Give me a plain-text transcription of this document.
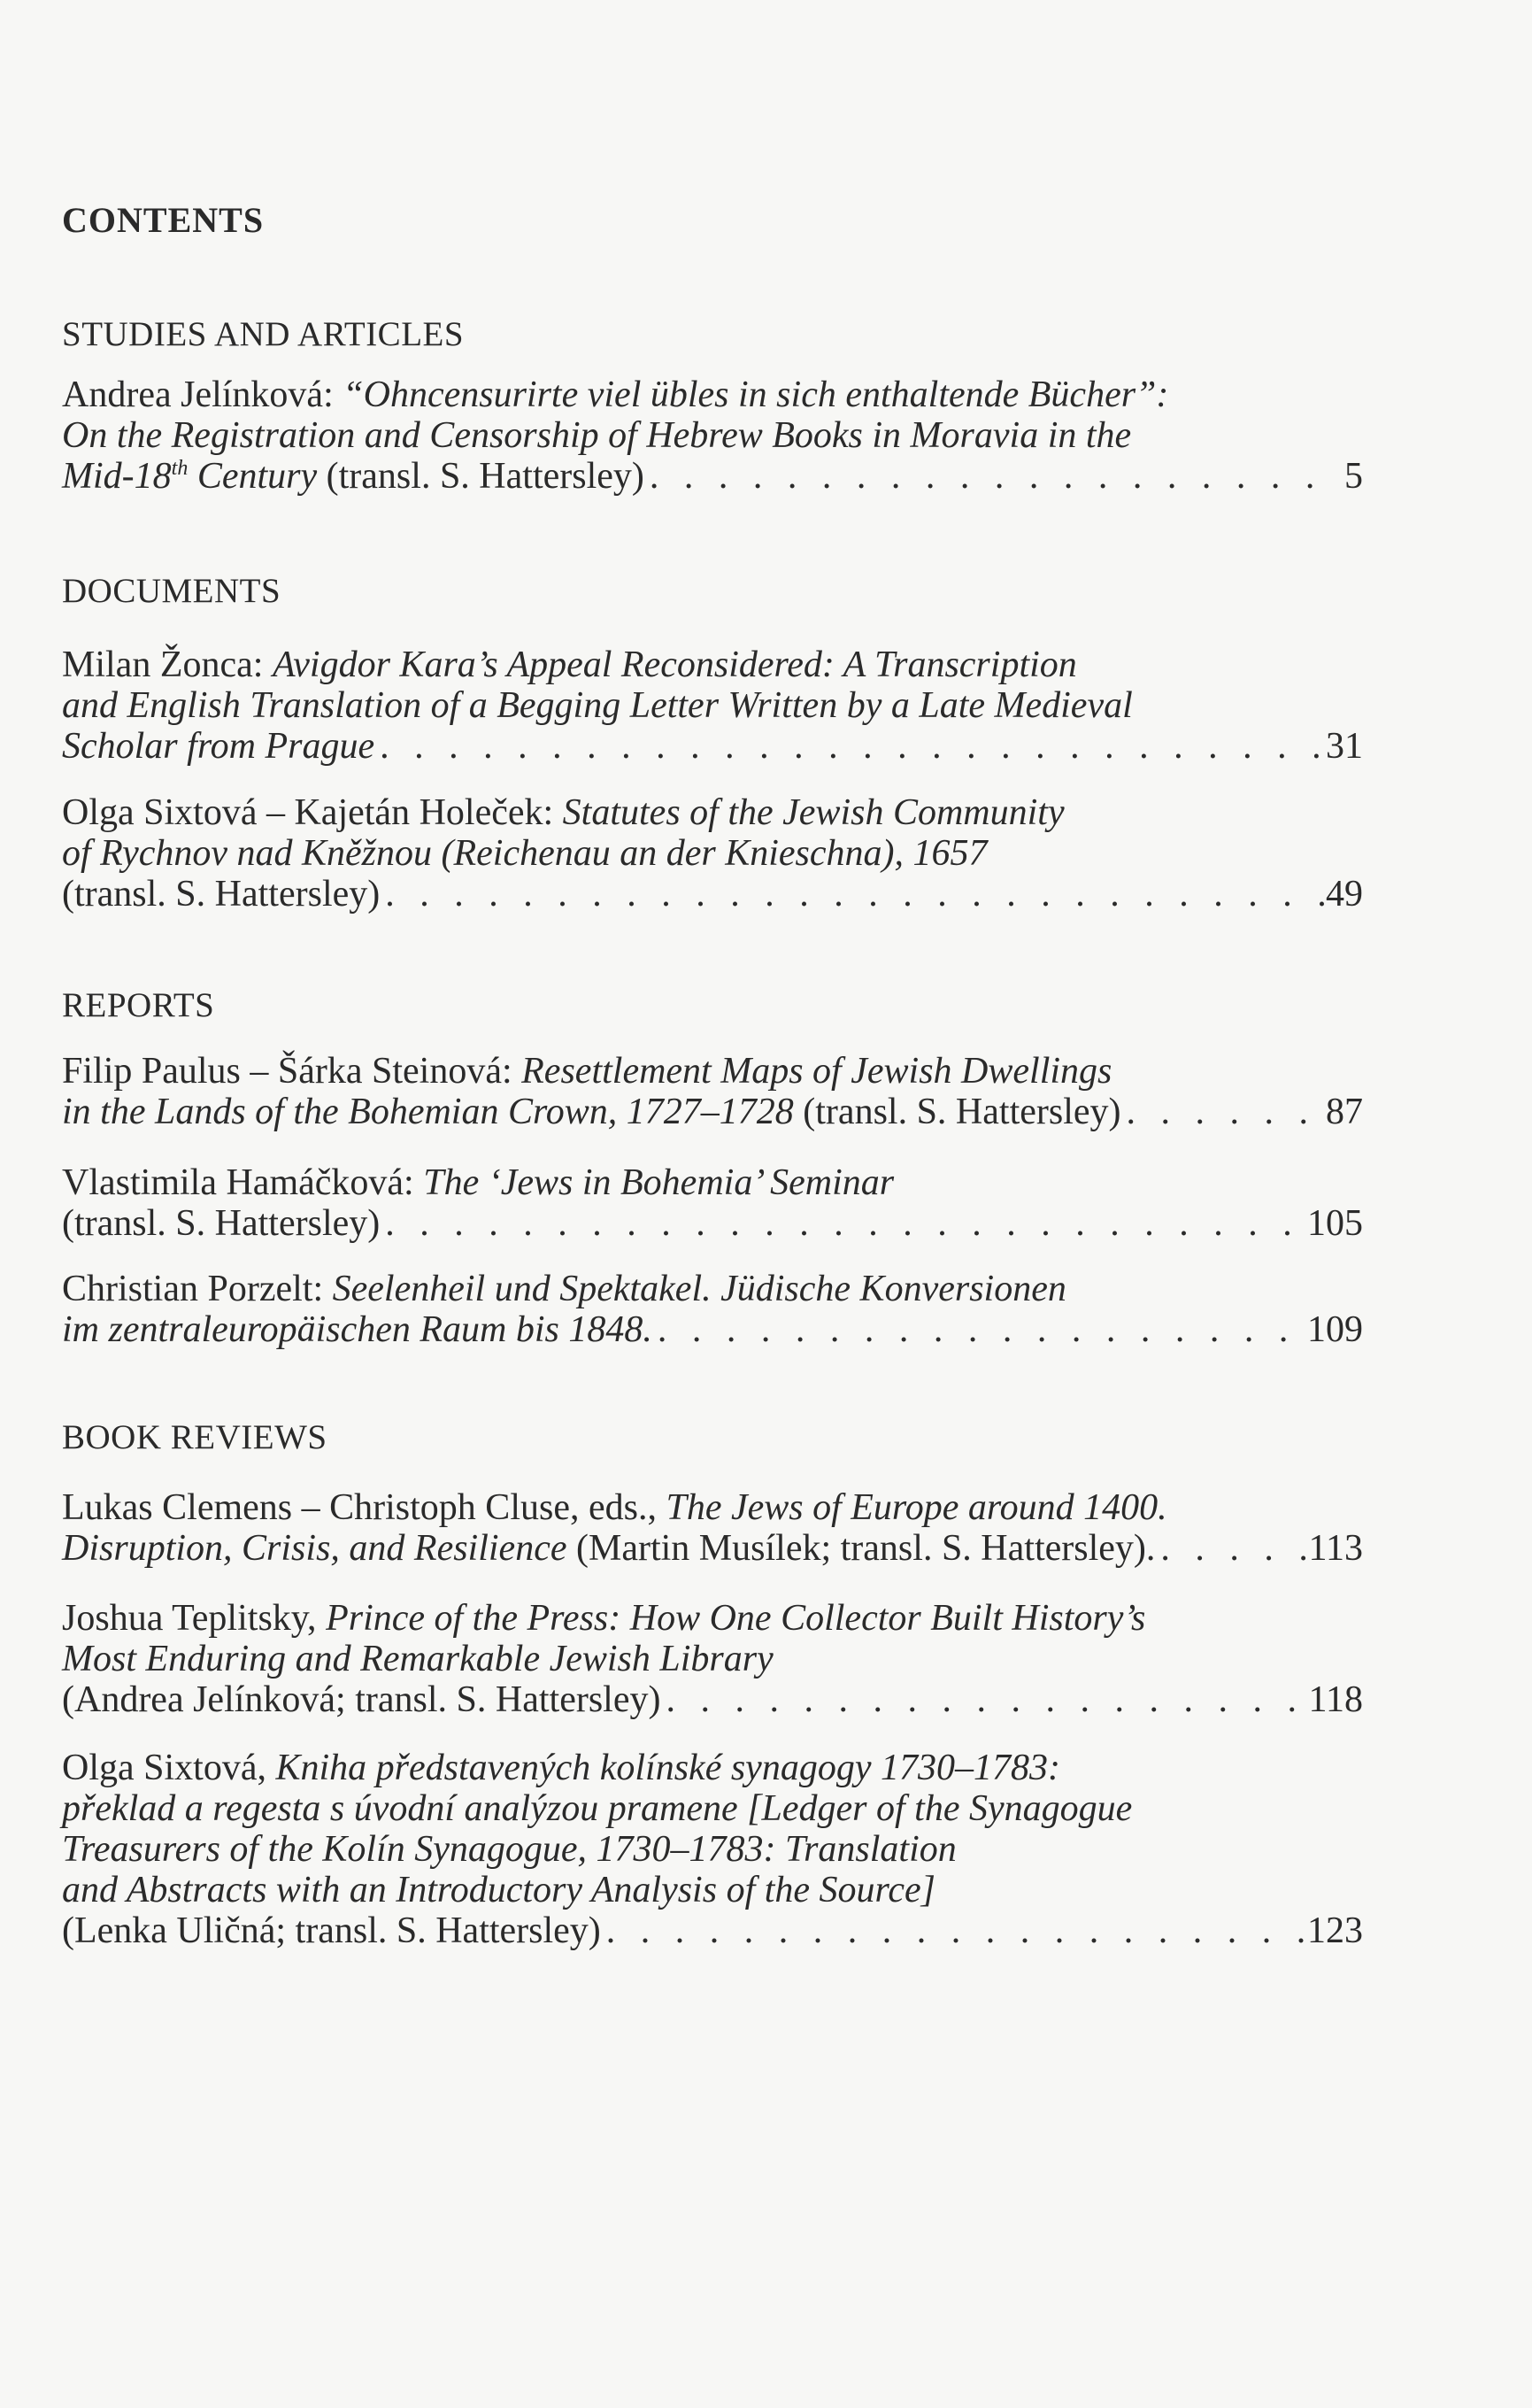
CONTENTS
STUDIES AND ARTICLES
Andrea Jelínková: “Ohncensurirte viel übles in sich enthaltende Bücher”:
On the Registration and Censorship of Hebrew Books in Moravia in the
Mid-18th Century (transl. S. Hattersley) . . .	5
DOCUMENTS
Milan Žonca: Avigdor Kara’s Appeal Reconsidered: A Transcription
and English Translation of a Begging Letter Written by a Late Medieval
Scholar from Prague . . .	31
Olga Sixtová – Kajetán Holeček: Statutes of the Jewish Community
of Rychnov nad Kněžnou (Reichenau an der Knieschna), 1657
(transl. S. Hattersley) . . .	49
REPORTS
Filip Paulus – Šárka Steinová: Resettlement Maps of Jewish Dwellings
in the Lands of the Bohemian Crown, 1727–1728 (transl. S. Hattersley) . . .	87
Vlastimila Hamáčková: The ‘Jews in Bohemia’ Seminar
(transl. S. Hattersley) . . .	105
Christian Porzelt: Seelenheil und Spektakel. Jüdische Konversionen
im zentraleuropäischen Raum bis 1848. . . .	109
BOOK REVIEWS
Lukas Clemens – Christoph Cluse, eds., The Jews of Europe around 1400.
Disruption, Crisis, and Resilience (Martin Musílek; transl. S. Hattersley). . . .	113
Joshua Teplitsky, Prince of the Press: How One Collector Built History’s
Most Enduring and Remarkable Jewish Library
(Andrea Jelínková; transl. S. Hattersley) . . .	118
Olga Sixtová, Kniha představených kolínské synagogy 1730–1783:
překlad a regesta s úvodní analýzou pramene [Ledger of the Synagogue
Treasurers of the Kolín Synagogue, 1730–1783: Translation
and Abstracts with an Introductory Analysis of the Source]
(Lenka Uličná; transl. S. Hattersley) . . .	123
